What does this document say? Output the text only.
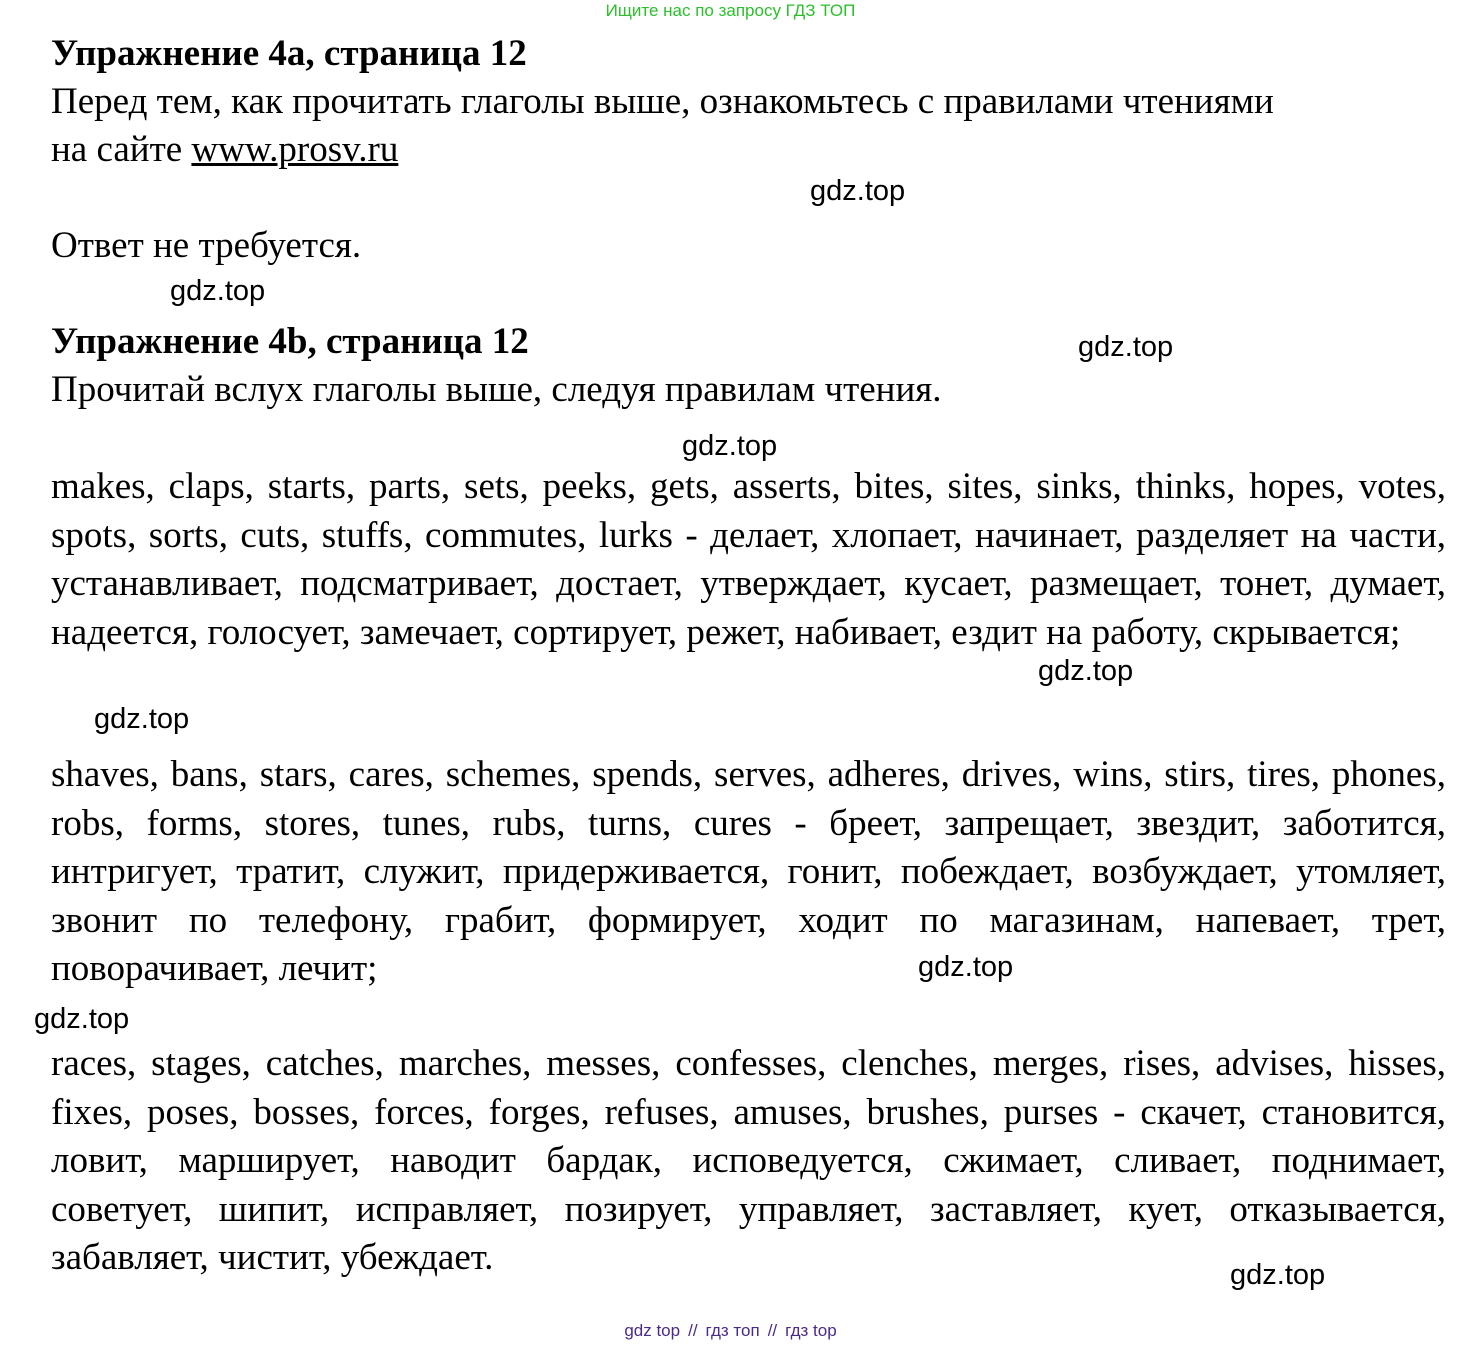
Ищите нас по запросу ГДЗ ТОП
Упражнение 4a, страница 12
Перед тем, как прочитать глаголы выше, ознакомьтесь с правилами чтениями
на сайте www.prosv.ru
gdz.top
Ответ не требуется.
gdz.top
Упражнение 4b, страница 12	gdz.top
Прочитай вслух глаголы выше, следуя правилам чтения.
gdz.top
makes, claps, starts, parts, sets, peeks, gets, asserts, bites, sites, sinks, thinks, hopes, votes, spots, sorts, cuts, stuffs, commutes, lurks - делает, хлопает, начинает, разделяет на части, устанавливает, подсматривает, достает, утверждает, кусает, размещает, тонет, думает, надеется, голосует, замечает, сортирует, режет, набивает, ездит на работу, скрывается;
gdz.top
gdz.top
shaves, bans, stars, cares, schemes, spends, serves, adheres, drives, wins, stirs, tires, phones, robs, forms, stores, tunes, rubs, turns, cures - бреет, запрещает, звездит, заботится, интригует, тратит, служит, придерживается, гонит, побеждает, возбуждает, утомляет, звонит по телефону, грабит, формирует, ходит по магазинам, напевает, трет, поворачивает, лечит;	gdz.top
gdz.top
races, stages, catches, marches, messes, confesses, clenches, merges, rises, advises, hisses, fixes, poses, bosses, forces, forges, refuses, amuses, brushes, purses - скачет, становится, ловит, марширует, наводит бардак, исповедуется, сжимает, сливает, поднимает, советует, шипит, исправляет, позирует, управляет, заставляет, кует, отказывается, забавляет, чистит, убеждает.	gdz.top
gdz top // гдз топ // гдз top
